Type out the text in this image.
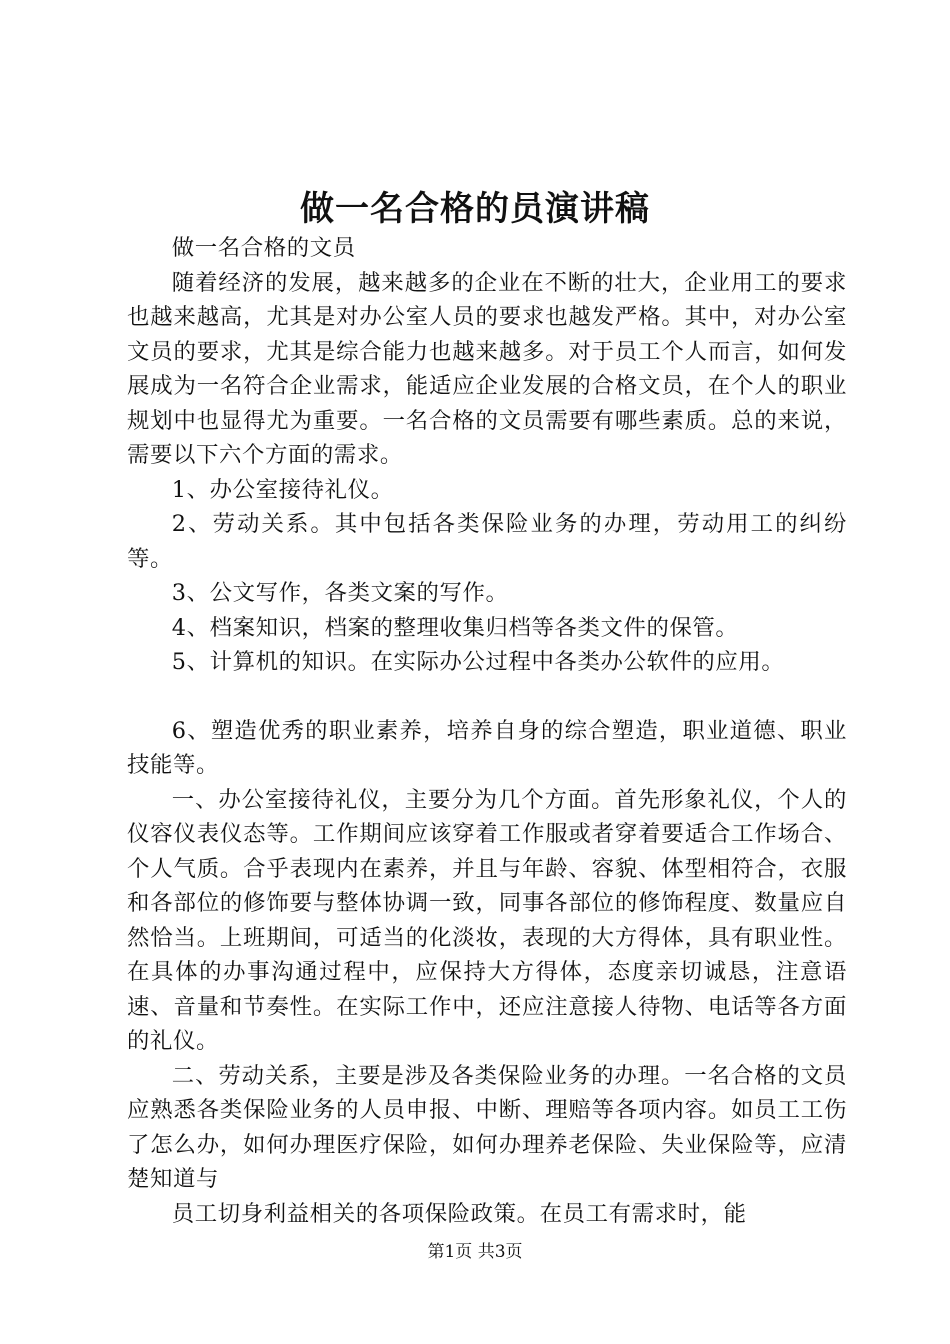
做一名合格的员演讲稿

做一名合格的文员

随着经济的发展，越来越多的企业在不断的壮大，企业用工的要求也越来越高，尤其是对办公室人员的要求也越发严格。其中，对办公室文员的要求，尤其是综合能力也越来越多。对于员工个人而言，如何发展成为一名符合企业需求，能适应企业发展的合格文员，在个人的职业规划中也显得尤为重要。一名合格的文员需要有哪些素质。总的来说，需要以下六个方面的需求。

1、办公室接待礼仪。

2、劳动关系。其中包括各类保险业务的办理，劳动用工的纠纷等。

3、公文写作，各类文案的写作。

4、档案知识，档案的整理收集归档等各类文件的保管。

5、计算机的知识。在实际办公过程中各类办公软件的应用。

6、塑造优秀的职业素养，培养自身的综合塑造，职业道德、职业技能等。

一、办公室接待礼仪，主要分为几个方面。首先形象礼仪，个人的仪容仪表仪态等。工作期间应该穿着工作服或者穿着要适合工作场合、个人气质。合乎表现内在素养，并且与年龄、容貌、体型相符合，衣服和各部位的修饰要与整体协调一致，同事各部位的修饰程度、数量应自然恰当。上班期间，可适当的化淡妆，表现的大方得体，具有职业性。在具体的办事沟通过程中，应保持大方得体，态度亲切诚恳，注意语速、音量和节奏性。在实际工作中，还应注意接人待物、电话等各方面的礼仪。

二、劳动关系，主要是涉及各类保险业务的办理。一名合格的文员应熟悉各类保险业务的人员申报、中断、理赔等各项内容。如员工工伤了怎么办，如何办理医疗保险，如何办理养老保险、失业保险等，应清楚知道与

员工切身利益相关的各项保险政策。在员工有需求时，能

第1页 共3页
